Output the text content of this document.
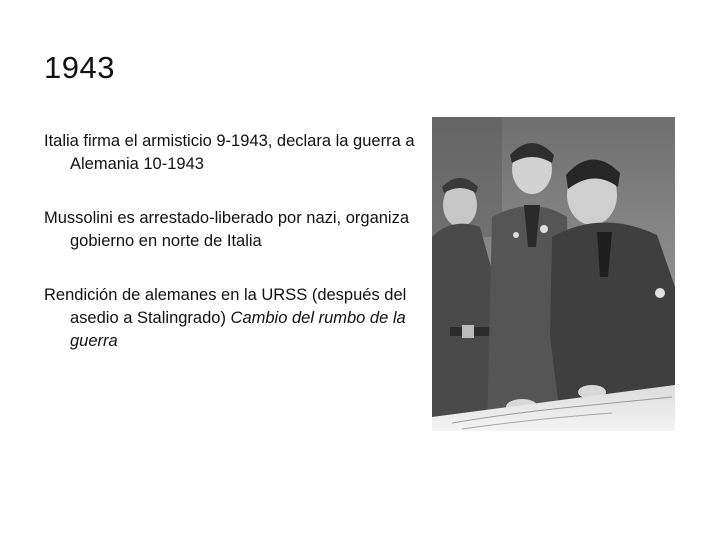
1943
Italia firma el armisticio 9-1943, declara la guerra a Alemania 10-1943
Mussolini es arrestado-liberado por nazi, organiza gobierno en norte de Italia
Rendición de alemanes en la URSS (después del asedio a Stalingrado) Cambio del rumbo de la guerra
